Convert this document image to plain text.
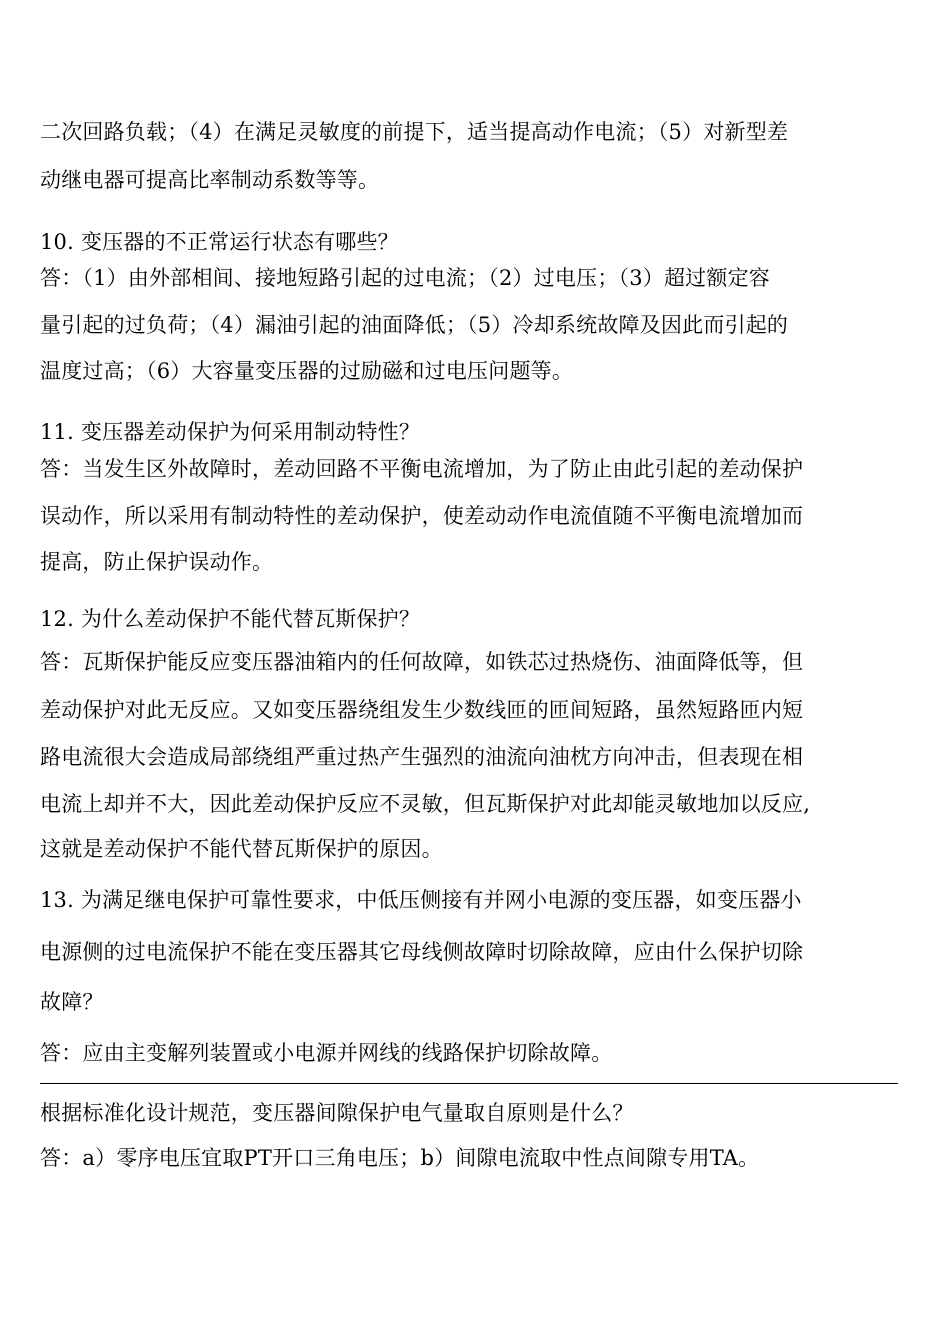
二次回路负载；（4）在满足灵敏度的前提下，适当提高动作电流；（5）对新型差
动继电器可提高比率制动系数等等。
10. 变压器的不正常运行状态有哪些？
答：（1）由外部相间、接地短路引起的过电流；（2）过电压；（3）超过额定容
量引起的过负荷；（4）漏油引起的油面降低；（5）冷却系统故障及因此而引起的
温度过高；（6）大容量变压器的过励磁和过电压问题等。
11. 变压器差动保护为何采用制动特性？
答：当发生区外故障时，差动回路不平衡电流增加，为了防止由此引起的差动保护
误动作，所以采用有制动特性的差动保护，使差动动作电流值随不平衡电流增加而
提高，防止保护误动作。
12. 为什么差动保护不能代替瓦斯保护？
答：瓦斯保护能反应变压器油箱内的任何故障，如铁芯过热烧伤、油面降低等，但
差动保护对此无反应。又如变压器绕组发生少数线匝的匝间短路，虽然短路匝内短
路电流很大会造成局部绕组严重过热产生强烈的油流向油枕方向冲击，但表现在相
电流上却并不大，因此差动保护反应不灵敏，但瓦斯保护对此却能灵敏地加以反应,
这就是差动保护不能代替瓦斯保护的原因。
13. 为满足继电保护可靠性要求，中低压侧接有并网小电源的变压器，如变压器小
电源侧的过电流保护不能在变压器其它母线侧故障时切除故障，应由什么保护切除
故障？
答：应由主变解列装置或小电源并网线的线路保护切除故障。
根据标准化设计规范，变压器间隙保护电气量取自原则是什么？
答：a）零序电压宜取PT开口三角电压；b）间隙电流取中性点间隙专用TA。
